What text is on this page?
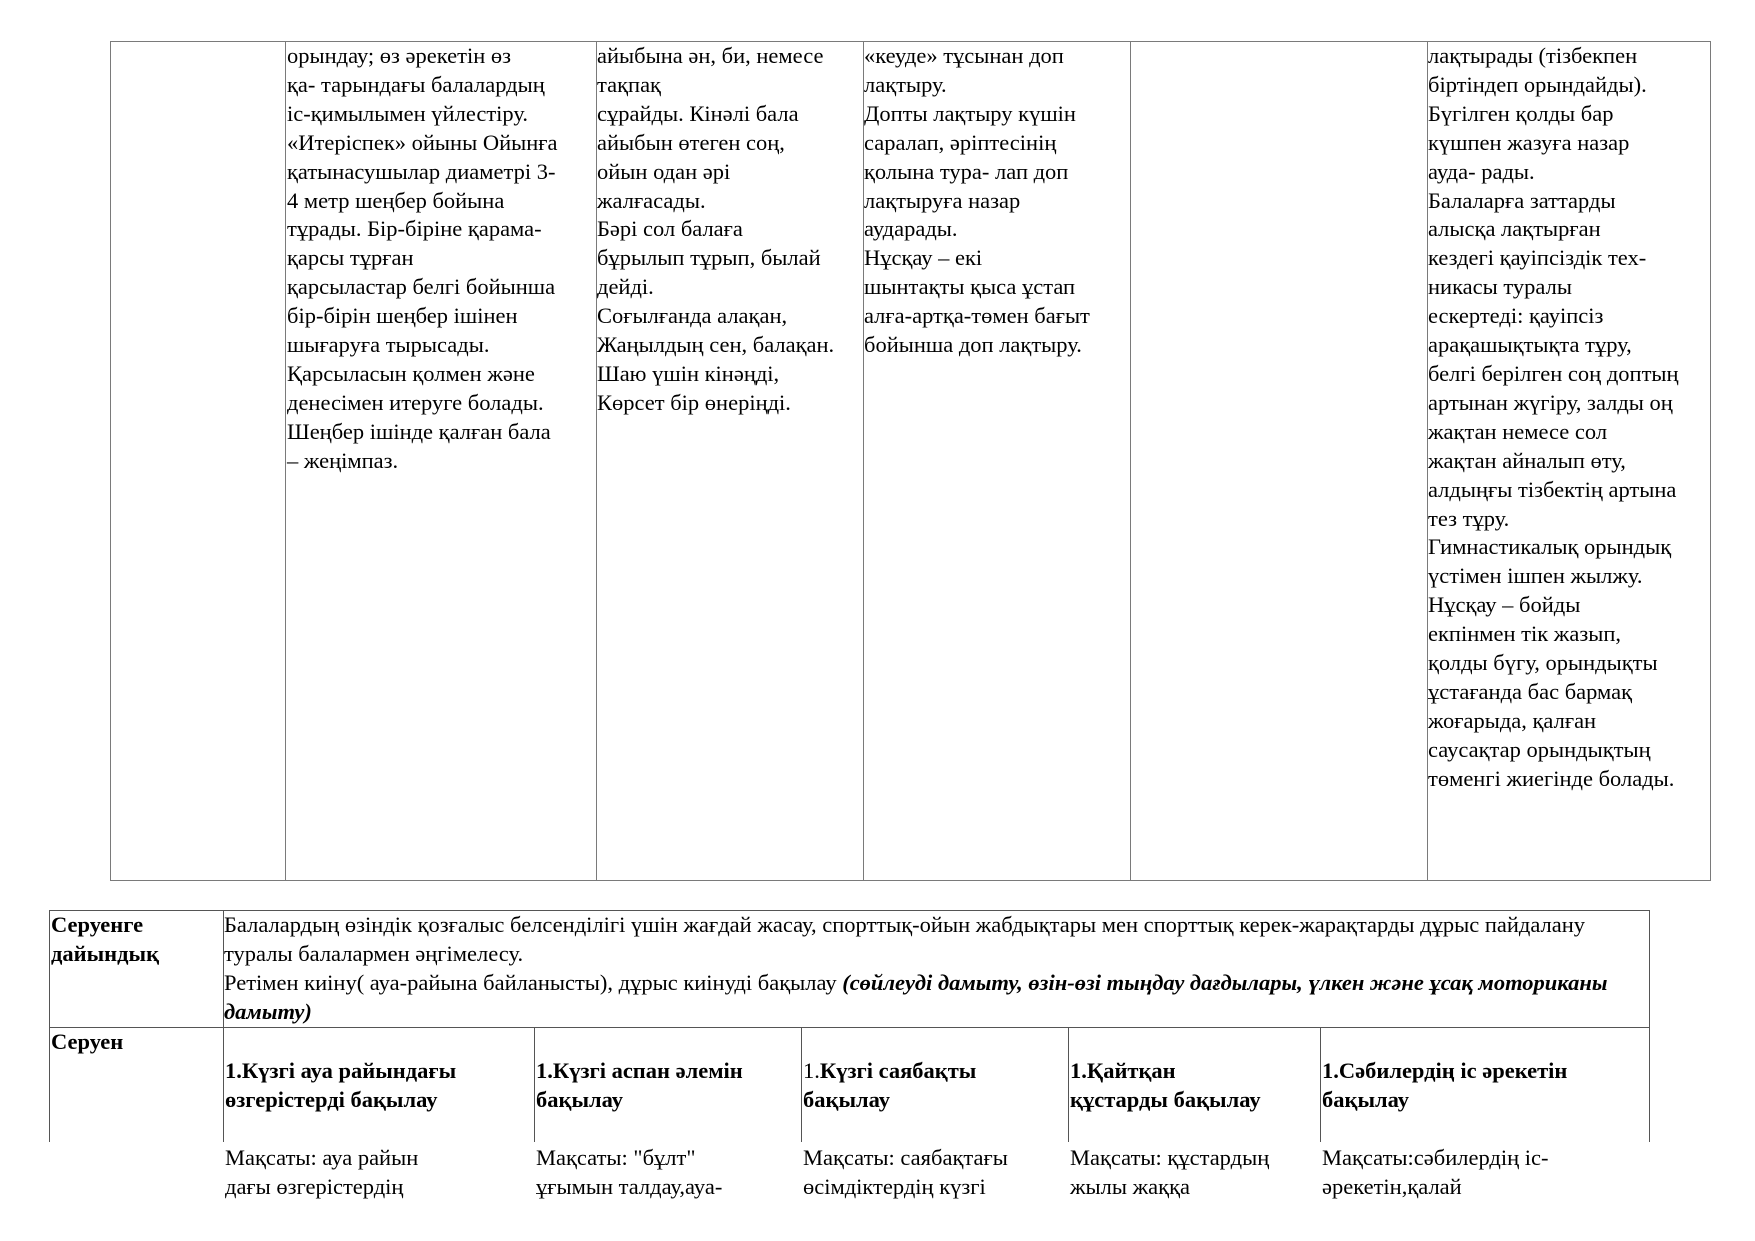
орындау; өз әрекетін өз
қа- тарындағы балалардың
іс-қимылымен үйлестіру.
«Итеріспек» ойыны Ойынға
қатынасушылар диаметрі 3-
4 метр шеңбер бойына
тұрады. Бір-біріне қарама-
қарсы тұрған
қарсыластар белгі бойынша
бір-бірін шеңбер ішінен
шығаруға тырысады.
Қарсыласын қолмен және
денесімен итеруге болады.
Шеңбер ішінде қалған бала
– жеңімпаз.
айыбына ән, би, немесе
тақпақ
сұрайды. Кінәлі бала
айыбын өтеген соң,
ойын одан әрі
жалғасады.
Бәрі сол балаға
бұрылып тұрып, былай
дейді.
Соғылғанда алақан,
Жаңылдың сен, балақан.
Шаю үшін кінәңді,
Көрсет бір өнеріңді.
«кеуде» тұсынан доп
лақтыру.
Допты лақтыру күшін
саралап, әріптесінің
қолына тура- лап доп
лақтыруға назар
аударады.
Нұсқау – екі
шынтақты қыса ұстап
алға-артқа-төмен бағыт
бойынша доп лақтыру.
лақтырады (тізбекпен
біртіндеп орындайды).
Бүгілген қолды бар
күшпен жазуға назар
ауда- рады.
Балаларға заттарды
алысқа лақтырған
кездегі қауіпсіздік тех-
никасы туралы
ескертеді: қауіпсіз
арақашықтықта тұру,
белгі берілген соң доптың
артынан жүгіру, залды оң
жақтан немесе сол
жақтан айналып өту,
алдыңғы тізбектің артына
тез тұру.
Гимнастикалық орындық
үстімен ішпен жылжу.
Нұсқау – бойды
екпінмен тік жазып,
қолды бүгу, орындықты
ұстағанда бас бармақ
жоғарыда, қалған
саусақтар орындықтың
төменгі жиегінде болады.
Серуенге
дайындық
Балалардың өзіндік қозғалыс белсенділігі үшін жағдай жасау, спорттық-ойын жабдықтары мен спорттық керек-жарақтарды дұрыс пайдалану туралы балалармен әңгімелесу.
Ретімен киіну( ауа-райына байланысты), дұрыс киінуді бақылау (сөйлеуді дамыту, өзін-өзі тыңдау дағдылары, үлкен және ұсақ моториканы дамыту)
Серуен

1.Күзгі ауа райындағы
өзгерістерді бақылау

Мақсаты: ауа райын
дағы өзгерістердің

1.Күзгі аспан әлемін
бақылау

Мақсаты: "бұлт"
ұғымын талдау,ауа-

1.Күзгі саябақты
бақылау

Мақсаты: саябақтағы
өсімдіктердің күзгі

1.Қайтқан
құстарды бақылау

Мақсаты: құстардың
жылы жаққа

1.Сәбилердің іс әрекетін
бақылау

Мақсаты:сәбилердің іс-
әрекетін,қалай
